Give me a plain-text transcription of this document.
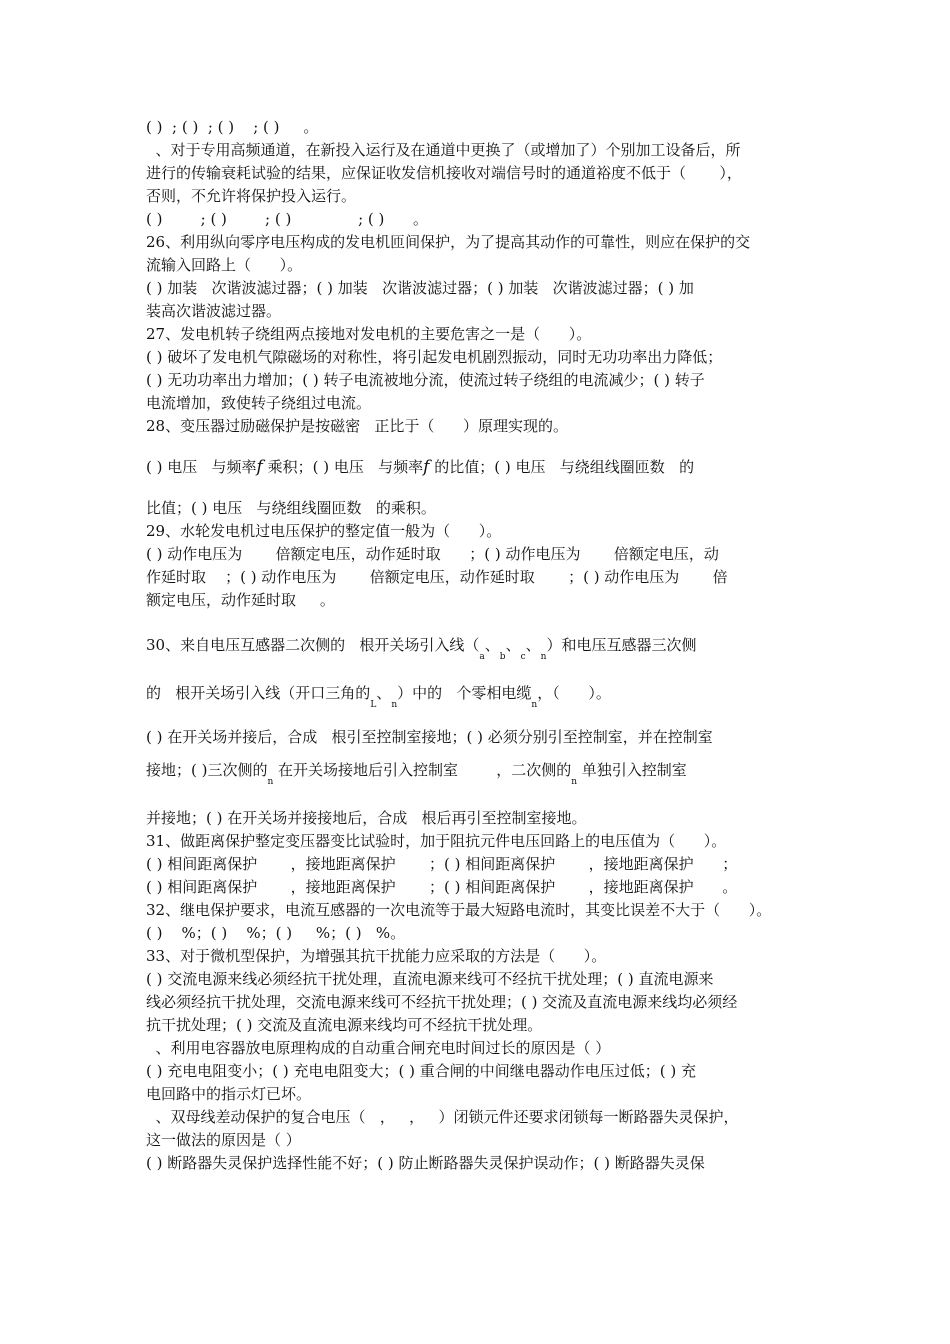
( )  ; ( )  ; ( )    ; ( )     。

、对于专用高频通道，在新投入运行及在通道中更换了（或增加了）个别加工设备后，所

进行的传输衰耗试验的结果，应保证收发信机接收对端信号时的通道裕度不低于（       ），

否则，不允许将保护投入运行。

( )        ; ( )        ; ( )              ; ( )      。

26、利用纵向零序电压构成的发电机匝间保护，为了提高其动作的可靠性，则应在保护的交

流输入回路上（      ）。

( ) 加装   次谐波滤过器；( ) 加装   次谐波滤过器；( ) 加装   次谐波滤过器；( ) 加

装高次谐波滤过器。

27、发电机转子绕组两点接地对发电机的主要危害之一是（      ）。

( ) 破坏了发电机气隙磁场的对称性，将引起发电机剧烈振动，同时无功功率出力降低；

( ) 无功功率出力增加；( ) 转子电流被地分流，使流过转子绕组的电流减少；( ) 转子

电流增加，致使转子绕组过电流。

28、变压器过励磁保护是按磁密   正比于（      ）原理实现的。

( ) 电压   与频率f 乘积；( ) 电压   与频率f 的比值；( ) 电压   与绕组线圈匝数   的

比值；( ) 电压   与绕组线圈匝数   的乘积。

29、水轮发电机过电压保护的整定值一般为（      ）。

( ) 动作电压为       倍额定电压，动作延时取      ；( ) 动作电压为       倍额定电压，动

作延时取    ；( ) 动作电压为       倍额定电压，动作延时取       ；( ) 动作电压为       倍

额定电压，动作延时取     。

30、来自电压互感器二次侧的   根开关场引入线（$_a$、$_b$、$_c$、$_n$）和电压互感器三次侧

的   根开关场引入线（开口三角的$_L$、$_n$）中的   个零相电缆$_n$，（      ）。

( ) 在开关场并接后，合成   根引至控制室接地；( ) 必须分别引至控制室，并在控制室

接地；( )三次侧的$_n$ 在开关场接地后引入控制室        ，二次侧的$_n$ 单独引入控制室

并接地；( ) 在开关场并接接地后，合成   根后再引至控制室接地。

31、做距离保护整定变压器变比试验时，加于阻抗元件电压回路上的电压值为（      ）。

( ) 相间距离保护       ，接地距离保护       ；( ) 相间距离保护       ，接地距离保护      ；

( ) 相间距离保护       ，接地距离保护       ；( ) 相间距离保护       ，接地距离保护      。

32、继电保护要求，电流互感器的一次电流等于最大短路电流时，其变比误差不大于（      ）。

( )    %；( )    %；( )     %；( )   %。

33、对于微机型保护，为增强其抗干扰能力应采取的方法是（      ）。

( ) 交流电源来线必须经抗干扰处理，直流电源来线可不经抗干扰处理；( ) 直流电源来

线必须经抗干扰处理，交流电源来线可不经抗干扰处理；( ) 交流及直流电源来线均必须经

抗干扰处理；( ) 交流及直流电源来线均可不经抗干扰处理。

、利用电容器放电原理构成的自动重合闸充电时间过长的原因是（ ）

( ) 充电电阻变小；( ) 充电电阻变大；( ) 重合闸的中间继电器动作电压过低；( ) 充

电回路中的指示灯已坏。

、双母线差动保护的复合电压（   ，   ，   ）闭锁元件还要求闭锁每一断路器失灵保护，

这一做法的原因是（ ）

( ) 断路器失灵保护选择性能不好；( ) 防止断路器失灵保护误动作；( ) 断路器失灵保
